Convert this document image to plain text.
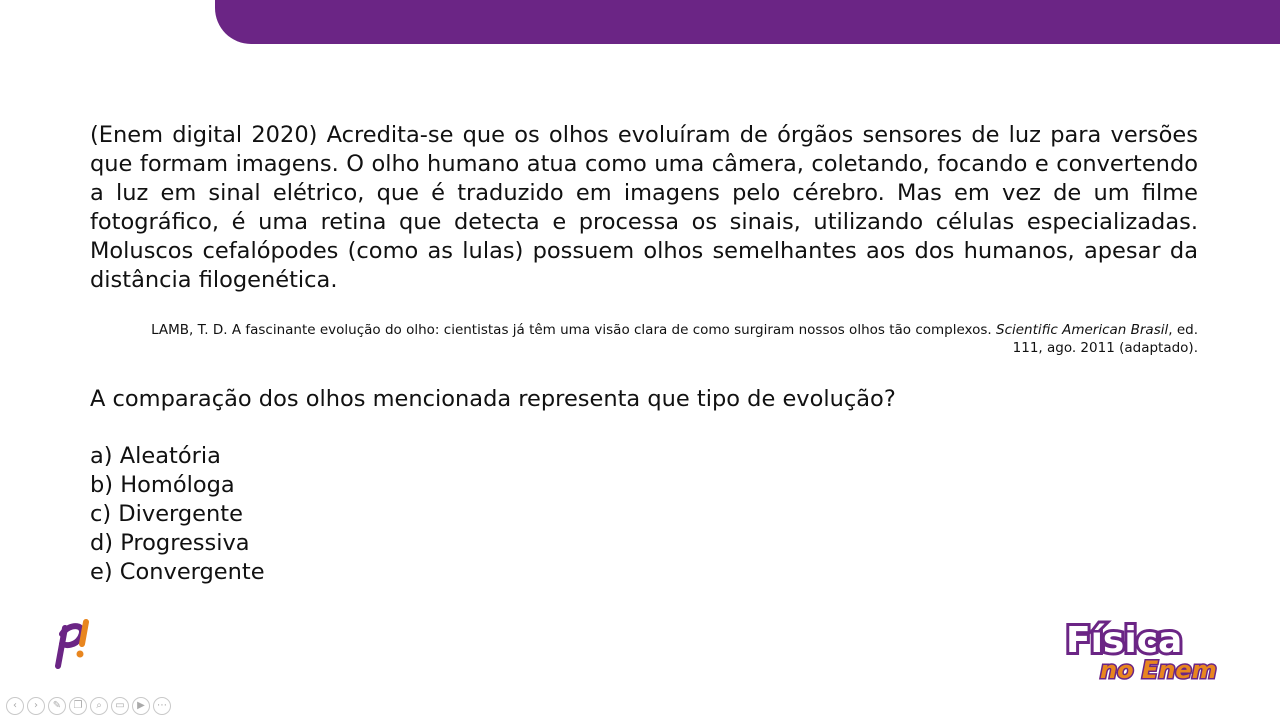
(Enem digital 2020) Acredita-se que os olhos evoluíram de órgãos sensores de luz para versões que formam imagens. O olho humano atua como uma câmera, coletando, focando e convertendo a luz em sinal elétrico, que é traduzido em imagens pelo cérebro. Mas em vez de um filme fotográfico, é uma retina que detecta e processa os sinais, utilizando células especializadas. Moluscos cefalópodes (como as lulas) possuem olhos semelhantes aos dos humanos, apesar da distância filogenética.

LAMB, T. D. A fascinante evolução do olho: cientistas já têm uma visão clara de como surgiram nossos olhos tão complexos. Scientific American Brasil, ed. 111, ago. 2011 (adaptado).

A comparação dos olhos mencionada representa que tipo de evolução?

a) Aleatória
b) Homóloga
c) Divergente
d) Progressiva
e) Convergente
Física
no Enem
‹	›	✎	❐	⌕	▭	▶	⋯
